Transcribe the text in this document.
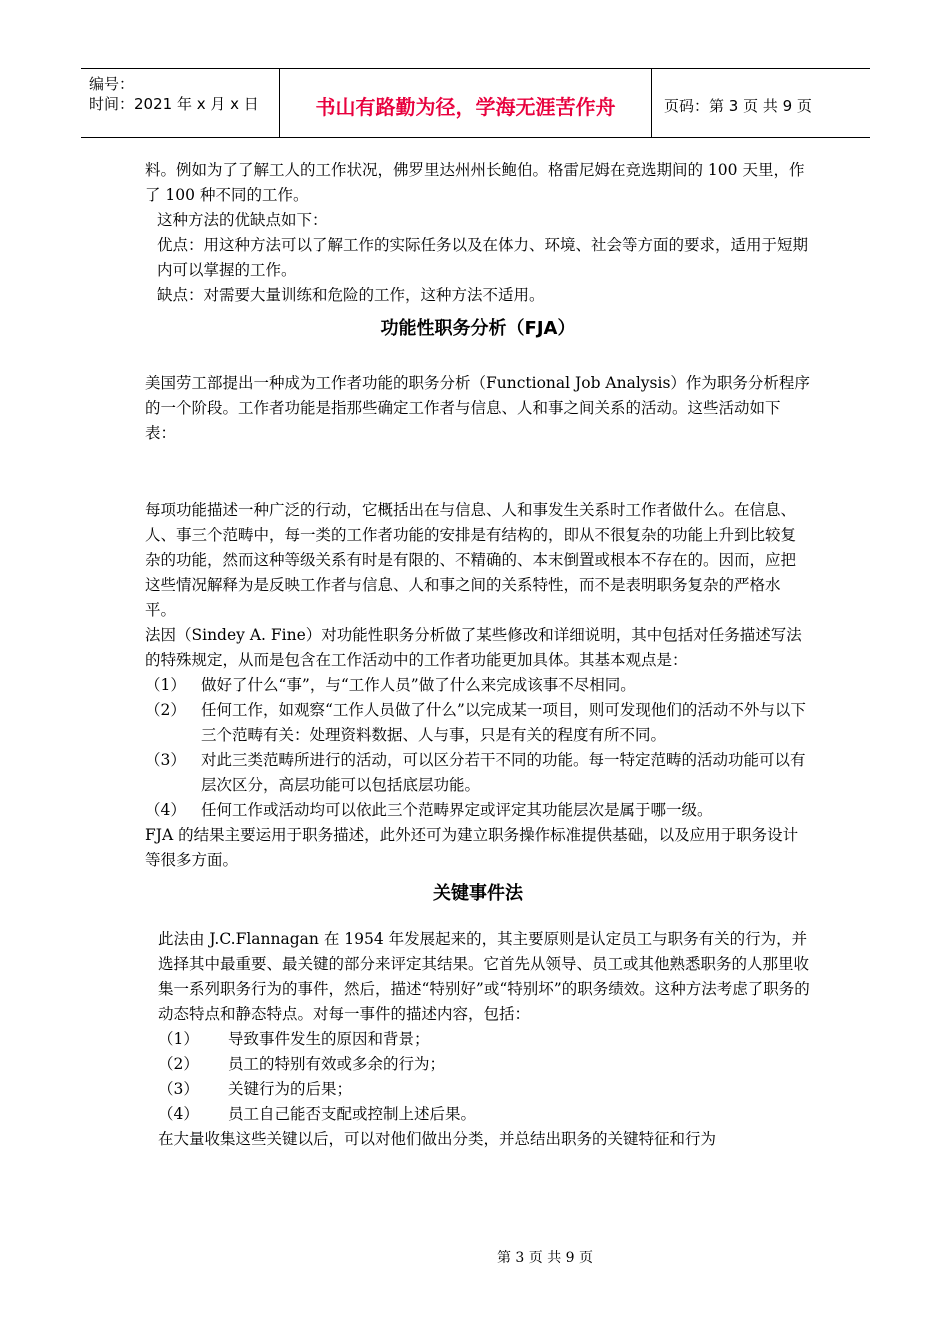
编号：
时间：2021 年 x 月 x 日	书山有路勤为径，学海无涯苦作舟	页码：第 3 页 共 9 页

料。例如为了了解工人的工作状况，佛罗里达州州长鲍伯。格雷尼姆在竞选期间的 100 天里，作了 100 种不同的工作。

这种方法的优缺点如下：

优点：用这种方法可以了解工作的实际任务以及在体力、环境、社会等方面的要求，适用于短期内可以掌握的工作。

缺点：对需要大量训练和危险的工作，这种方法不适用。

功能性职务分析（FJA）

美国劳工部提出一种成为工作者功能的职务分析（Functional Job Analysis）作为职务分析程序的一个阶段。工作者功能是指那些确定工作者与信息、人和事之间关系的活动。这些活动如下表：

每项功能描述一种广泛的行动，它概括出在与信息、人和事发生关系时工作者做什么。在信息、人、事三个范畴中，每一类的工作者功能的安排是有结构的，即从不很复杂的功能上升到比较复杂的功能，然而这种等级关系有时是有限的、不精确的、本末倒置或根本不存在的。因而，应把这些情况解释为是反映工作者与信息、人和事之间的关系特性，而不是表明职务复杂的严格水平。

法因（Sindey A. Fine）对功能性职务分析做了某些修改和详细说明，其中包括对任务描述写法的特殊规定，从而是包含在工作活动中的工作者功能更加具体。其基本观点是：

（1） 做好了什么“事”，与“工作人员”做了什么来完成该事不尽相同。
（2） 任何工作，如观察“工作人员做了什么”以完成某一项目，则可发现他们的活动不外与以下三个范畴有关：处理资料数据、人与事，只是有关的程度有所不同。
（3） 对此三类范畴所进行的活动，可以区分若干不同的功能。每一特定范畴的活动功能可以有层次区分，高层功能可以包括底层功能。
（4） 任何工作或活动均可以依此三个范畴界定或评定其功能层次是属于哪一级。

FJA 的结果主要运用于职务描述，此外还可为建立职务操作标准提供基础，以及应用于职务设计等很多方面。

关键事件法

此法由 J.C.Flannagan 在 1954 年发展起来的，其主要原则是认定员工与职务有关的行为，并选择其中最重要、最关键的部分来评定其结果。它首先从领导、员工或其他熟悉职务的人那里收集一系列职务行为的事件，然后，描述“特别好”或“特别坏”的职务绩效。这种方法考虑了职务的动态特点和静态特点。对每一事件的描述内容，包括：

（1）	导致事件发生的原因和背景；
（2）	员工的特别有效或多余的行为；
（3）	关键行为的后果；
（4）	员工自己能否支配或控制上述后果。

在大量收集这些关键以后，可以对他们做出分类，并总结出职务的关键特征和行为

第 3 页 共 9 页
